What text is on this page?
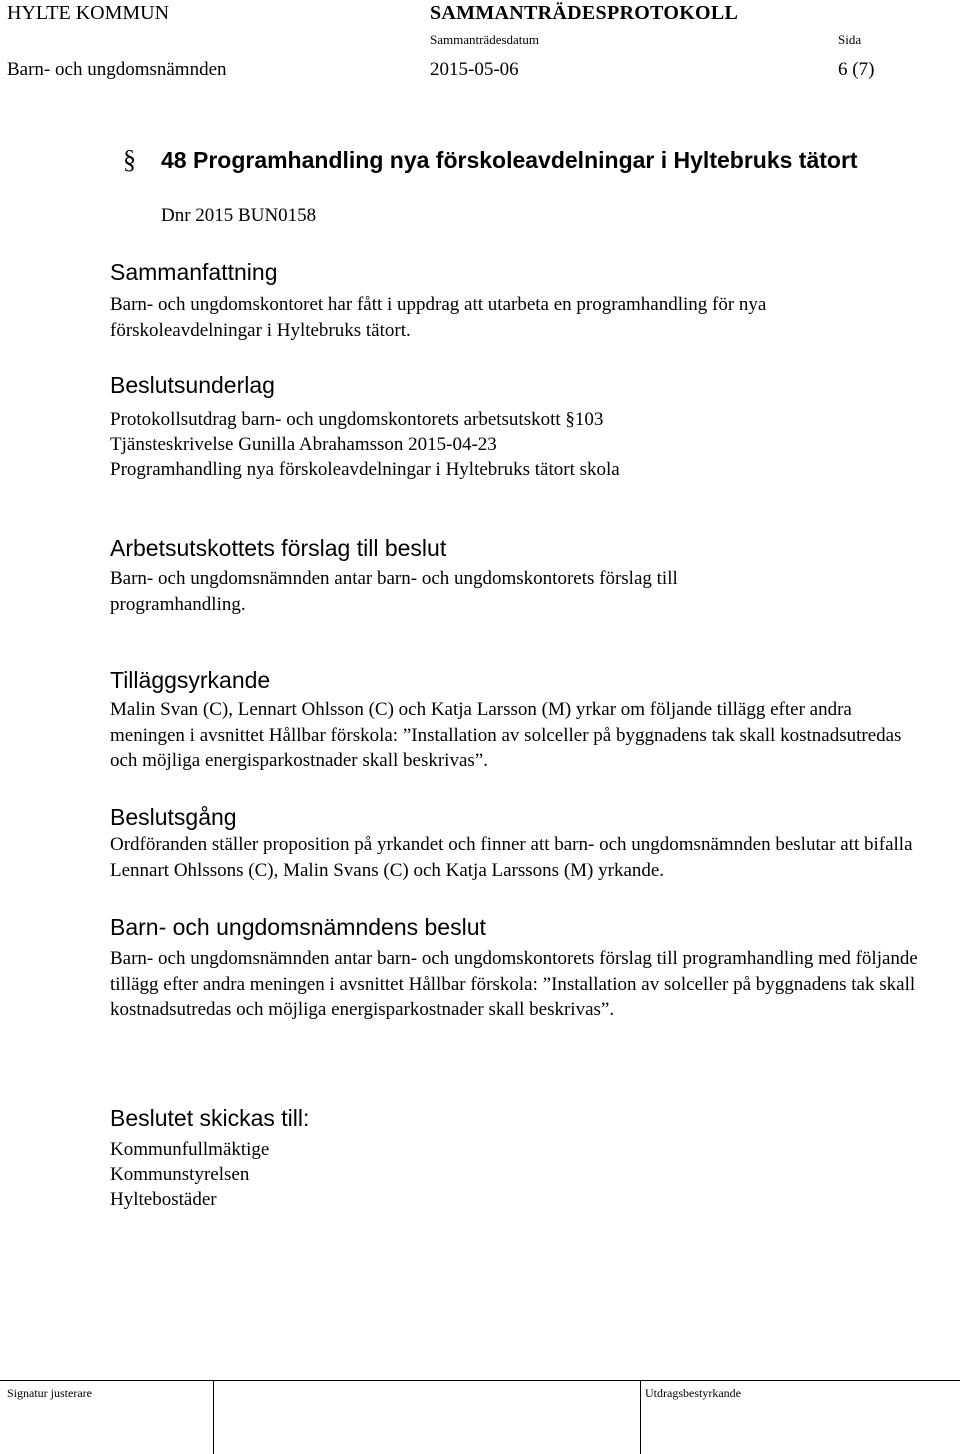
HYLTE KOMMUN	SAMMANTRÄDESPROTOKOLL
Sammanträdesdatum	Sida
Barn- och ungdomsnämnden	2015-05-06	6 (7)
§ 48 Programhandling nya förskoleavdelningar i Hyltebruks tätort
Dnr 2015 BUN0158
Sammanfattning
Barn- och ungdomskontoret har fått i uppdrag att utarbeta en programhandling för nya förskoleavdelningar i Hyltebruks tätort.
Beslutsunderlag
Protokollsutdrag barn- och ungdomskontorets arbetsutskott §103
Tjänsteskrivelse Gunilla Abrahamsson 2015-04-23
Programhandling nya förskoleavdelningar i Hyltebruks tätort skola
Arbetsutskottets förslag till beslut
Barn- och ungdomsnämnden antar barn- och ungdomskontorets förslag till programhandling.
Tilläggsyrkande
Malin Svan (C), Lennart Ohlsson (C) och Katja Larsson (M) yrkar om följande tillägg efter andra meningen i avsnittet Hållbar förskola: ”Installation av solceller på byggnadens tak skall kostnadsutredas och möjliga energisparkostnader skall beskrivas”.
Beslutsgång
Ordföranden ställer proposition på yrkandet och finner att barn- och ungdomsnämnden beslutar att bifalla Lennart Ohlssons (C), Malin Svans (C) och Katja Larssons (M) yrkande.
Barn- och ungdomsnämndens beslut
Barn- och ungdomsnämnden antar barn- och ungdomskontorets förslag till programhandling med följande tillägg efter andra meningen i avsnittet Hållbar förskola: ”Installation av solceller på byggnadens tak skall kostnadsutredas och möjliga energisparkostnader skall beskrivas”.
Beslutet skickas till:
Kommunfullmäktige
Kommunstyrelsen
Hyltebostäder
Signatur justerare	Utdragsbestyrkande
